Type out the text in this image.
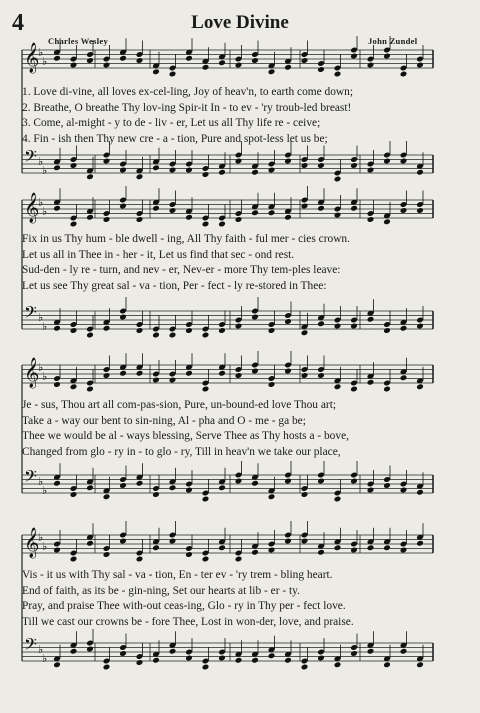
4	Love Divine
Charles Wesley	John Zundel
𝄞
♭
♭
𝄢 ♭
♭
𝄞
♭
♭
𝄢 ♭
♭
𝄞
♭
♭
𝄢 ♭
♭
𝄞
♭
♭
𝄢 ♭
♭
1. Love di-vine, all loves ex-cel-ling, Joy of heav'n, to earth come down;
2. Breathe, O breathe Thy lov-ing Spir-it In - to ev - 'ry troub-led breast!
3. Come, al-might - y to de - liv - er, Let us all Thy life re - ceive;
4. Fin - ish then Thy new cre - a - tion, Pure and spot-less let us be;
Fix in us Thy hum - ble dwell - ing, All Thy faith - ful mer - cies crown.
Let us all in Thee in - her - it, Let us find that sec - ond rest.
Sud-den - ly re - turn, and nev - er, Nev-er - more Thy tem-ples leave:
Let us see Thy great sal - va - tion, Per - fect - ly re-stored in Thee:
Je - sus, Thou art all com-pas-sion, Pure, un-bound-ed love Thou art;
Take a - way our bent to sin-ning, Al - pha and O - me - ga be;
Thee we would be al - ways blessing, Serve Thee as Thy hosts a - bove,
Changed from glo - ry in - to glo - ry, Till in heav'n we take our place,
Vis - it us with Thy sal - va - tion, En - ter ev - 'ry trem - bling heart.
End of faith, as its be - gin-ning, Set our hearts at lib - er - ty.
Pray, and praise Thee with-out ceas-ing, Glo - ry in Thy per - fect love.
Till we cast our crowns be - fore Thee, Lost in won-der, love, and praise.
